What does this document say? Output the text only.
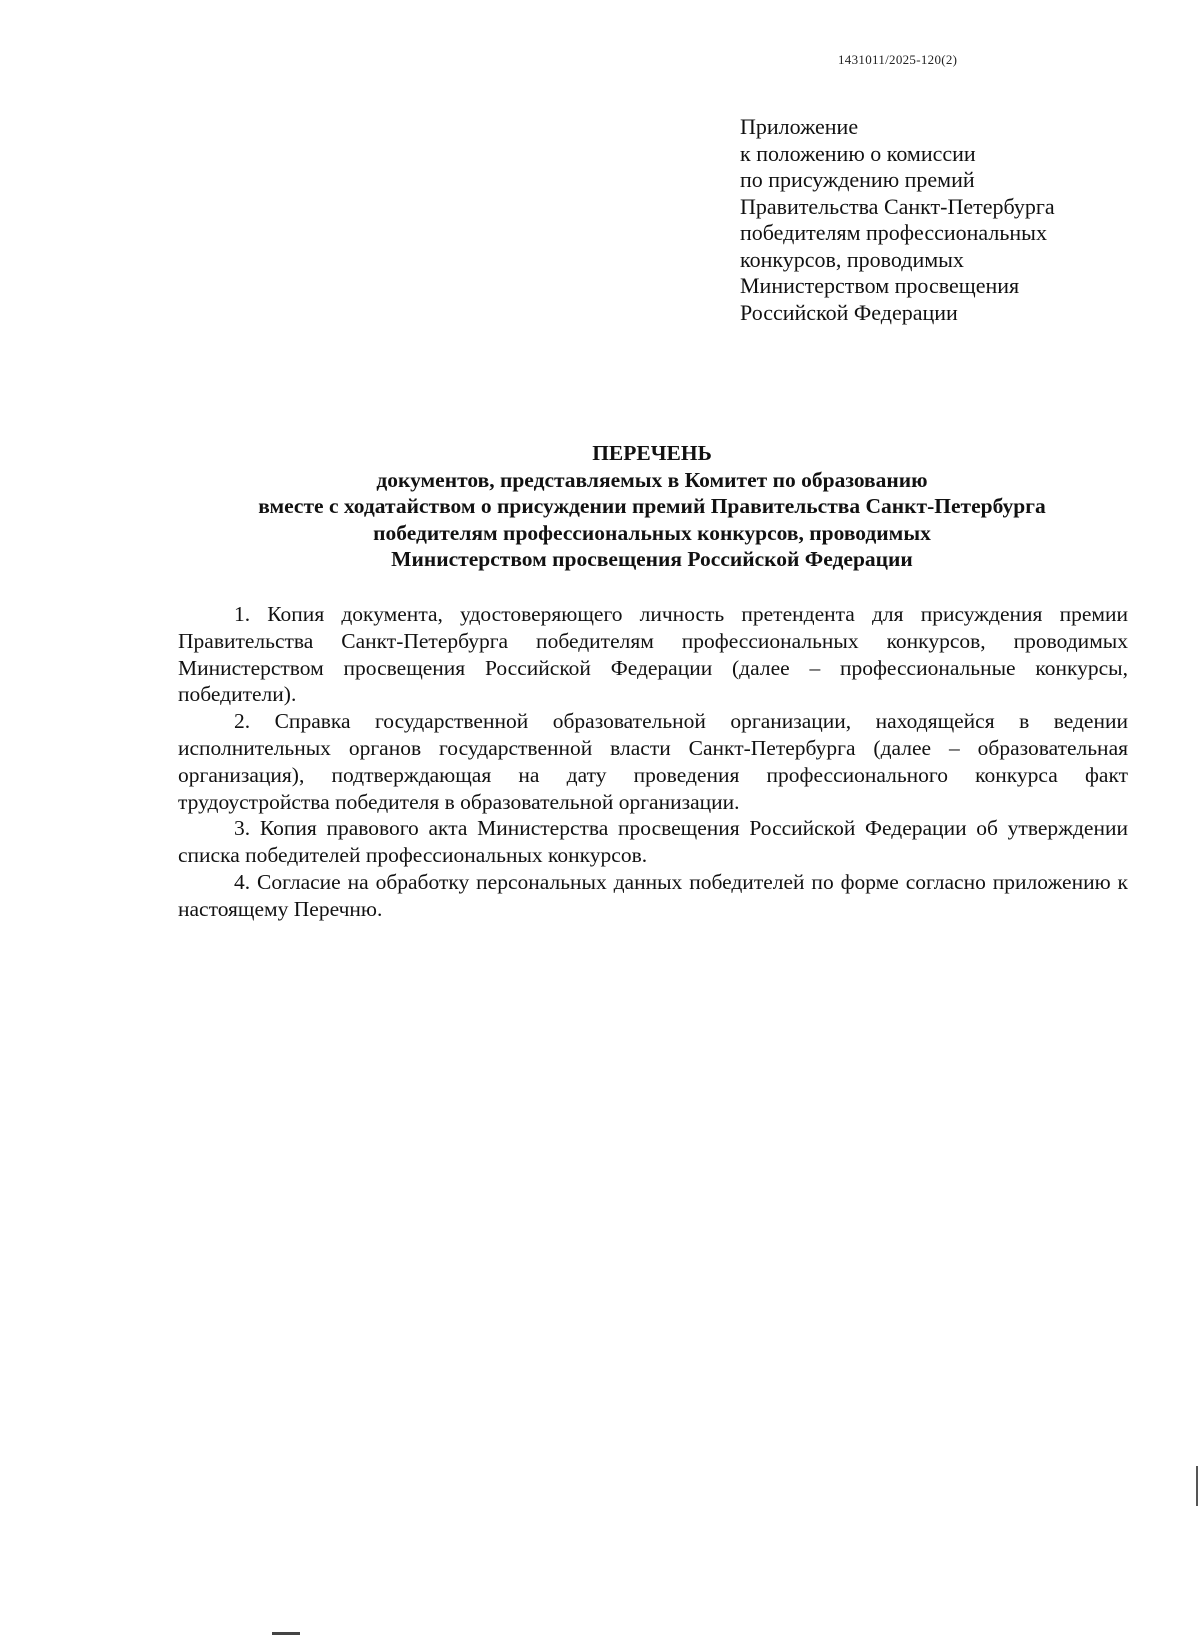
1431011/2025-120(2)
Приложение
к положению о комиссии
по присуждению премий
Правительства Санкт-Петербурга
победителям профессиональных
конкурсов, проводимых
Министерством просвещения
Российской Федерации
ПЕРЕЧЕНЬ
документов, представляемых в Комитет по образованию
вместе с ходатайством о присуждении премий Правительства Санкт-Петербурга
победителям профессиональных конкурсов, проводимых
Министерством просвещения Российской Федерации

1. Копия документа, удостоверяющего личность претендента для присуждения премии Правительства Санкт-Петербурга победителям профессиональных конкурсов, проводимых Министерством просвещения Российской Федерации (далее – профессиональные конкурсы, победители).

2. Справка государственной образовательной организации, находящейся в ведении исполнительных органов государственной власти Санкт-Петербурга (далее – образовательная организация), подтверждающая на дату проведения профессионального конкурса факт трудоустройства победителя в образовательной организации.

3. Копия правового акта Министерства просвещения Российской Федерации об утверждении списка победителей профессиональных конкурсов.

4. Согласие на обработку персональных данных победителей по форме согласно приложению к настоящему Перечню.
